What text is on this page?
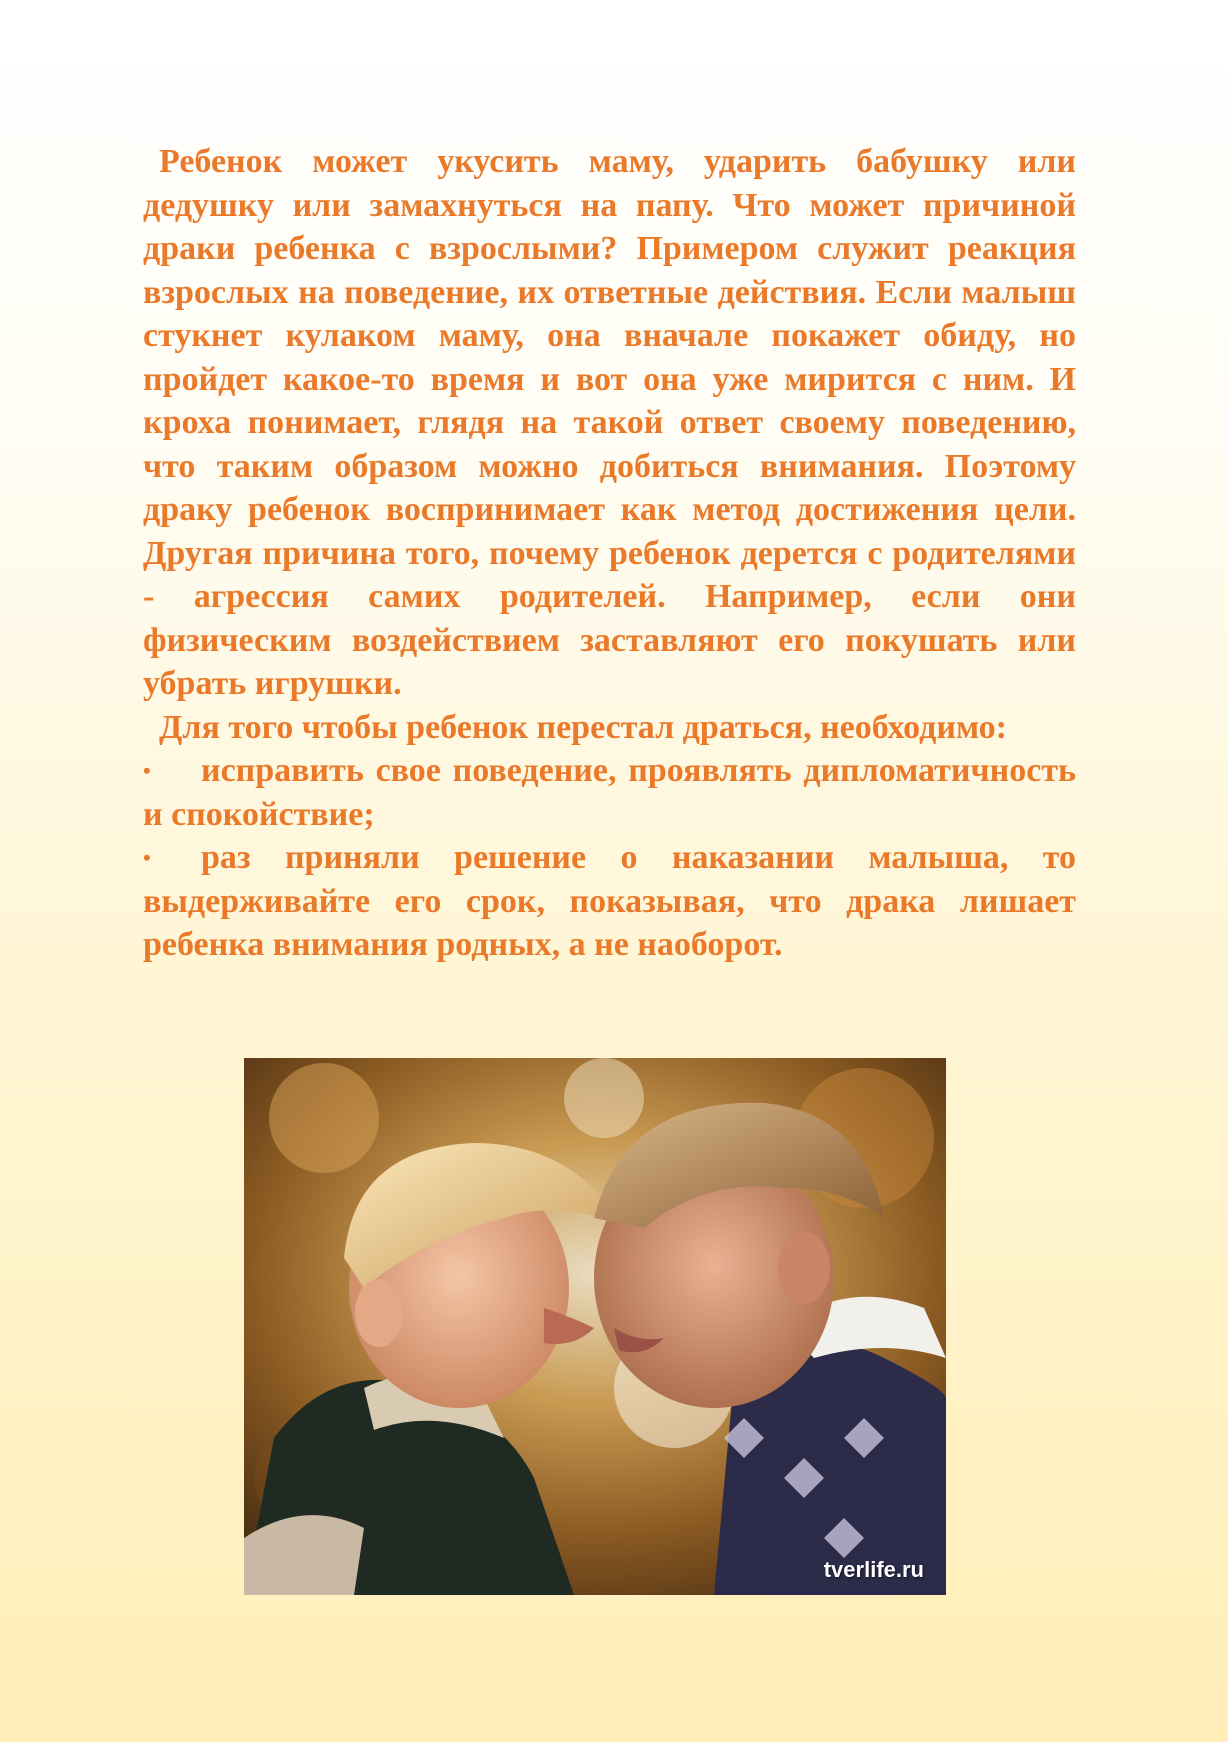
Ребенок может укусить маму, ударить бабушку или дедушку или замахнуться на папу. Что может причиной драки ребенка с взрослыми? Примером служит реакция взрослых на поведение, их ответные действия. Если малыш стукнет кулаком маму, она вначале покажет обиду, но пройдет какое-то время и вот она уже мирится с ним. И кроха понимает, глядя на такой ответ своему поведению, что таким образом можно добиться внимания. Поэтому драку ребенок воспринимает как метод достижения цели. Другая причина того, почему ребенок дерется с родителями - агрессия самих родителей. Например, если они физическим воздействием заставляют его покушать или убрать игрушки.

Для того чтобы ребенок перестал драться, необходимо:

• исправить свое поведение, проявлять дипломатичность и спокойствие;
• раз приняли решение о наказании малыша, то выдерживайте его срок, показывая, что драка лишает ребенка внимания родных, а не наоборот.
tverlife.ru
